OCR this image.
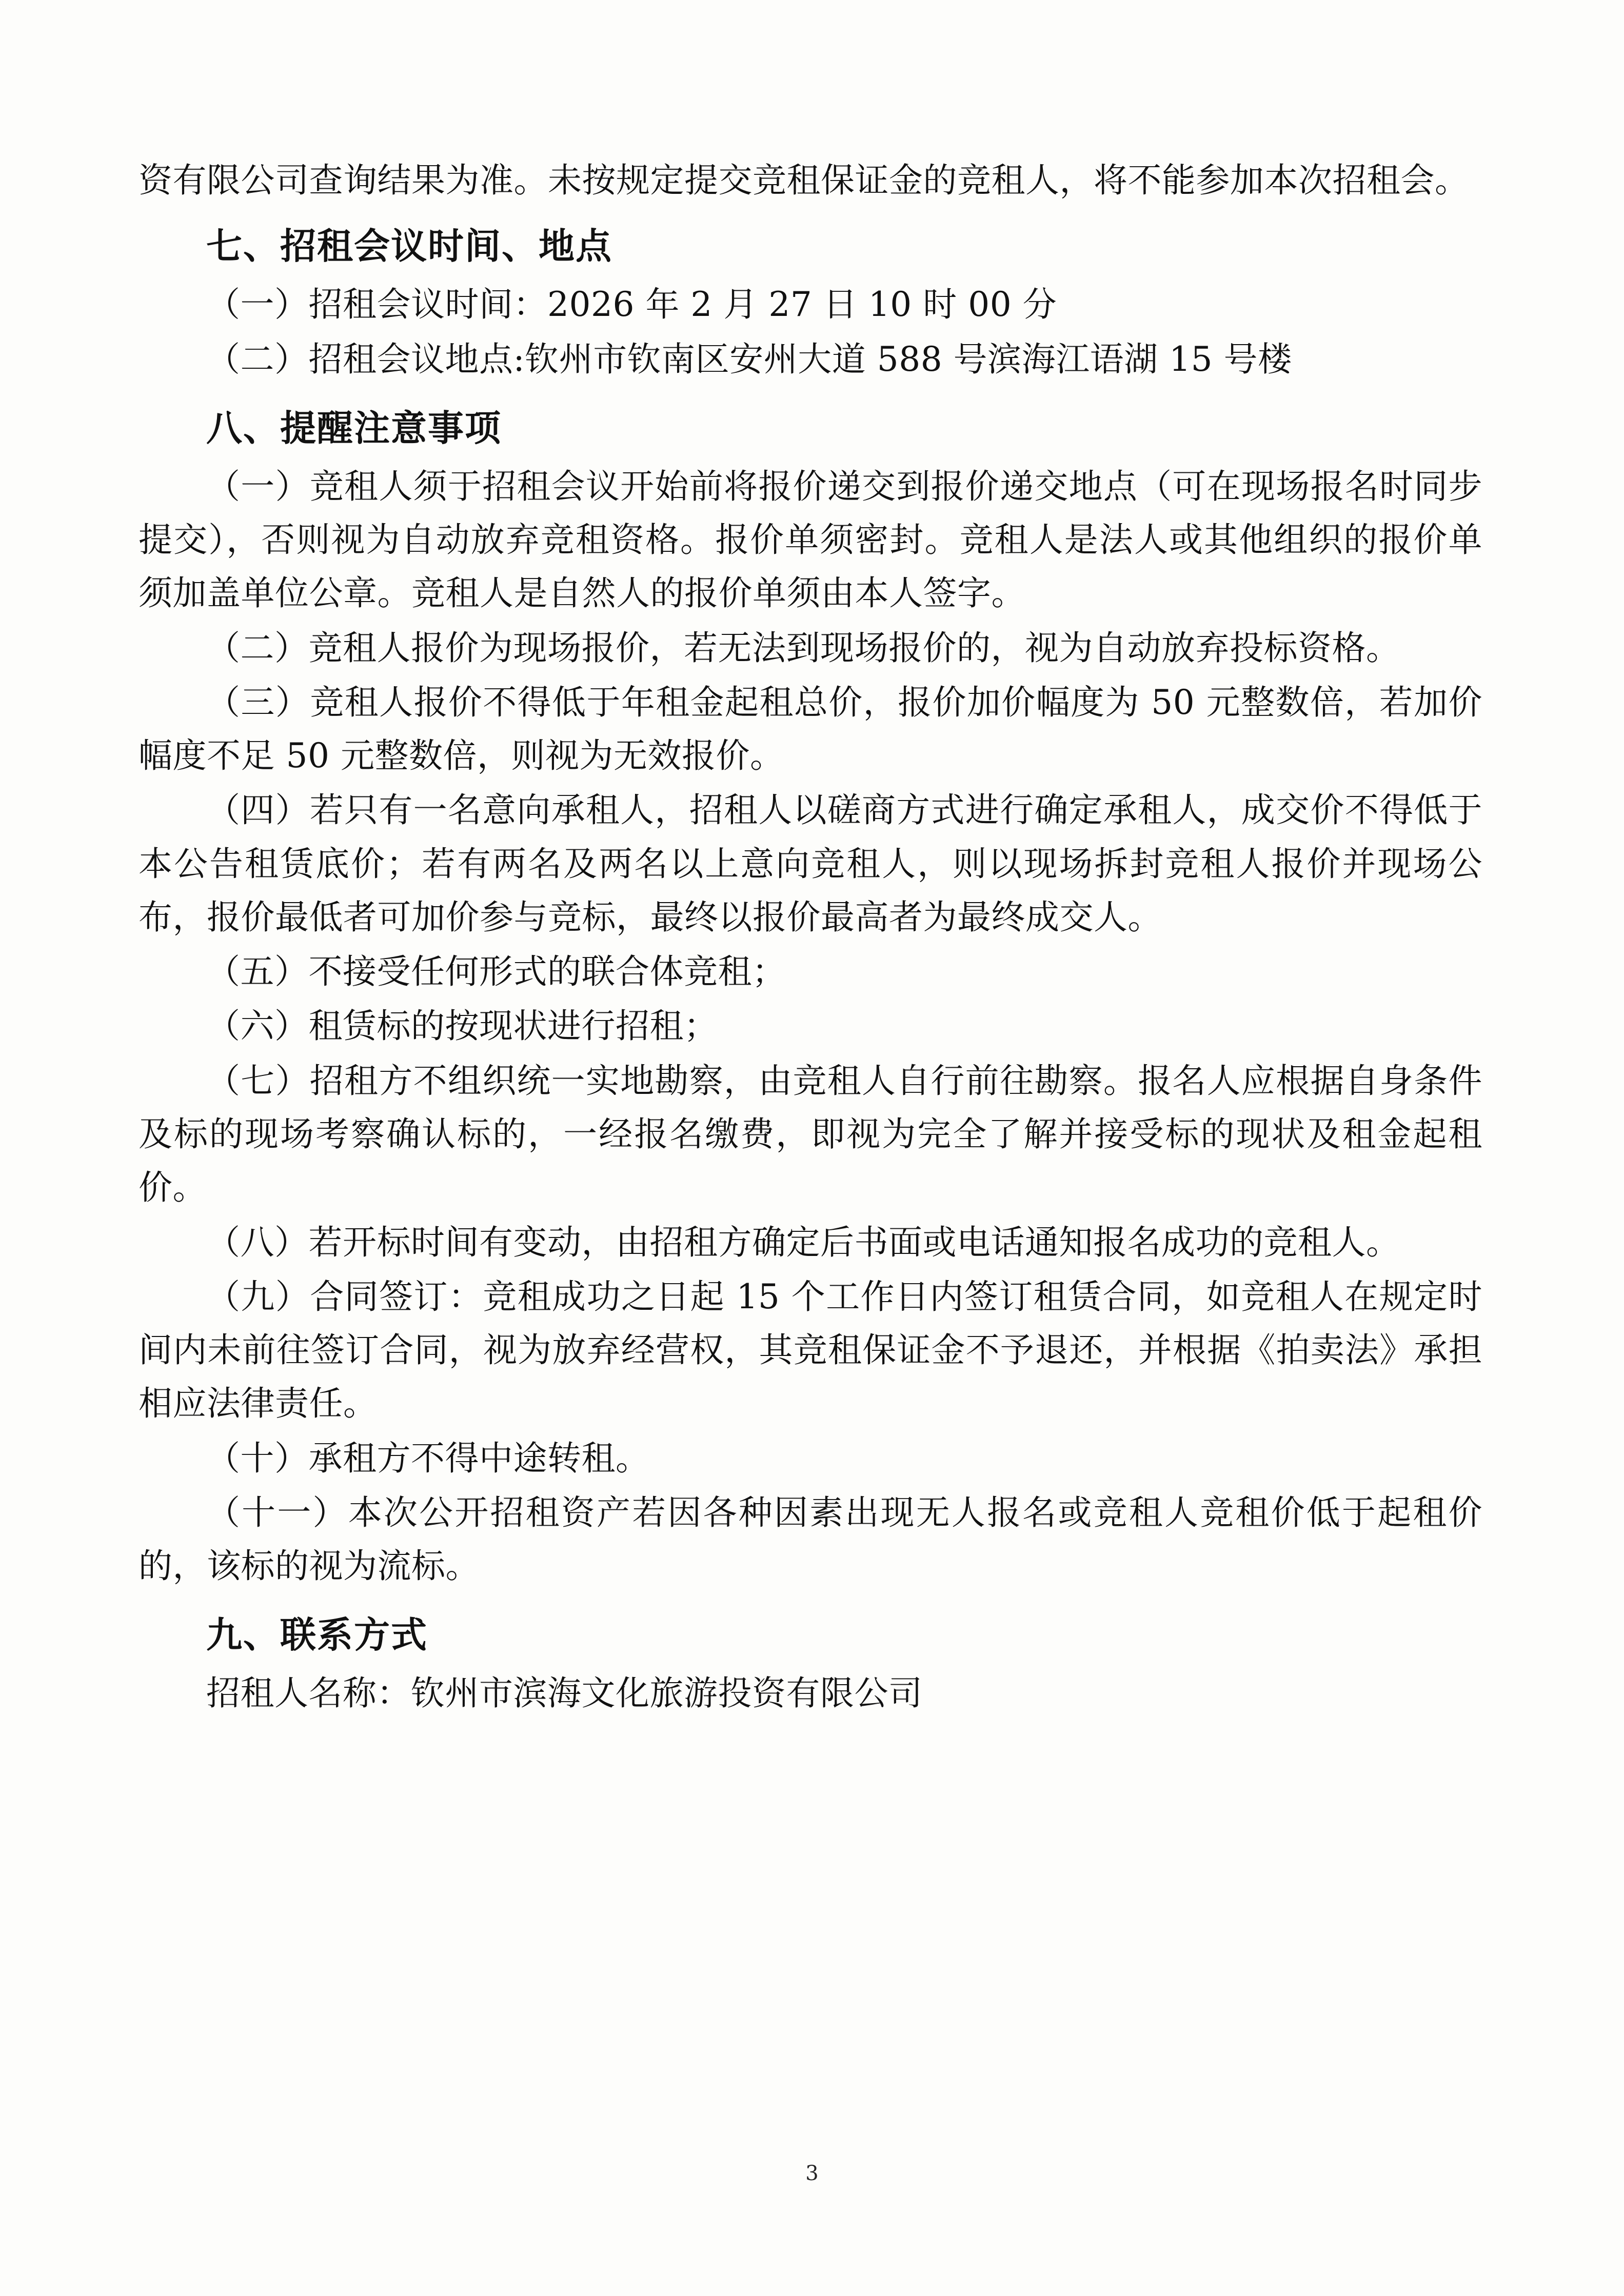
资有限公司查询结果为准。未按规定提交竞租保证金的竞租人，将不能参加本次招租会。

七、招租会议时间、地点

（一）招租会议时间：2026 年 2 月 27 日 10 时 00 分

（二）招租会议地点:钦州市钦南区安州大道 588 号滨海江语湖 15 号楼

八、提醒注意事项

（一）竞租人须于招租会议开始前将报价递交到报价递交地点（可在现场报名时同步提交），否则视为自动放弃竞租资格。报价单须密封。竞租人是法人或其他组织的报价单须加盖单位公章。竞租人是自然人的报价单须由本人签字。

（二）竞租人报价为现场报价，若无法到现场报价的，视为自动放弃投标资格。

（三）竞租人报价不得低于年租金起租总价，报价加价幅度为 50 元整数倍，若加价幅度不足 50 元整数倍，则视为无效报价。

（四）若只有一名意向承租人，招租人以磋商方式进行确定承租人，成交价不得低于本公告租赁底价；若有两名及两名以上意向竞租人，则以现场拆封竞租人报价并现场公布，报价最低者可加价参与竞标，最终以报价最高者为最终成交人。

（五）不接受任何形式的联合体竞租；

（六）租赁标的按现状进行招租；

（七）招租方不组织统一实地勘察，由竞租人自行前往勘察。报名人应根据自身条件及标的现场考察确认标的，一经报名缴费，即视为完全了解并接受标的现状及租金起租价。

（八）若开标时间有变动，由招租方确定后书面或电话通知报名成功的竞租人。

（九）合同签订：竞租成功之日起 15 个工作日内签订租赁合同，如竞租人在规定时间内未前往签订合同，视为放弃经营权，其竞租保证金不予退还，并根据《拍卖法》承担相应法律责任。

（十）承租方不得中途转租。

（十一）本次公开招租资产若因各种因素出现无人报名或竞租人竞租价低于起租价的，该标的视为流标。

九、联系方式

招租人名称：钦州市滨海文化旅游投资有限公司

3
